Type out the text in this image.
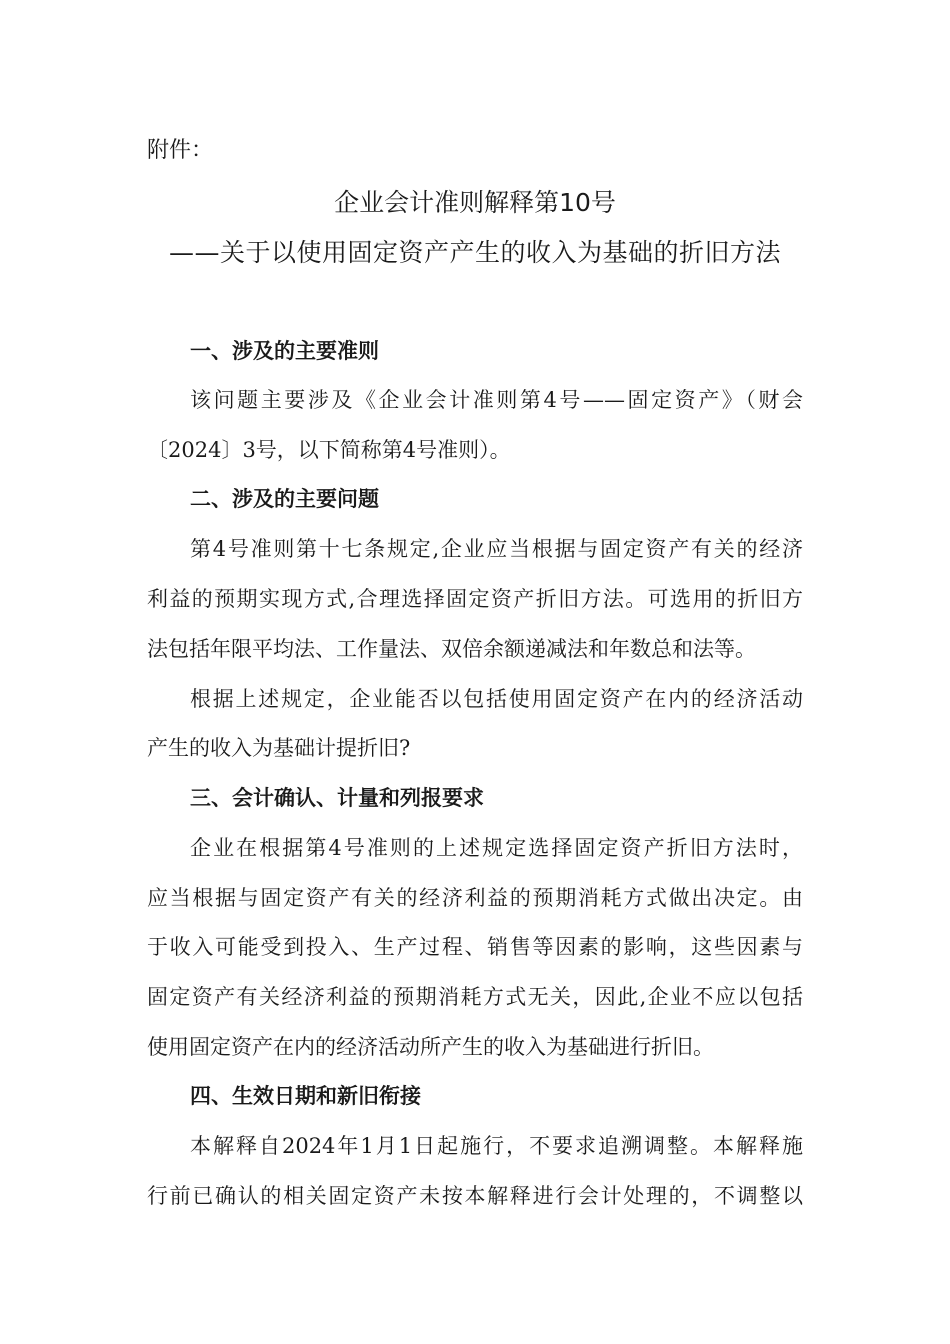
附件：
企业会计准则解释第10号
——关于以使用固定资产产生的收入为基础的折旧方法
一、涉及的主要准则
该问题主要涉及《企业会计准则第4号——固定资产》（财会
〔2024〕3号，以下简称第4号准则）。
二、涉及的主要问题
第4号准则第十七条规定,企业应当根据与固定资产有关的经济
利益的预期实现方式,合理选择固定资产折旧方法。可选用的折旧方
法包括年限平均法、工作量法、双倍余额递减法和年数总和法等。
根据上述规定，企业能否以包括使用固定资产在内的经济活动
产生的收入为基础计提折旧?
三、会计确认、计量和列报要求
企业在根据第4号准则的上述规定选择固定资产折旧方法时，
应当根据与固定资产有关的经济利益的预期消耗方式做出决定。由
于收入可能受到投入、生产过程、销售等因素的影响，这些因素与
固定资产有关经济利益的预期消耗方式无关，因此,企业不应以包括
使用固定资产在内的经济活动所产生的收入为基础进行折旧。
四、生效日期和新旧衔接
本解释自2024年1月1日起施行，不要求追溯调整。本解释施
行前已确认的相关固定资产未按本解释进行会计处理的，不调整以
